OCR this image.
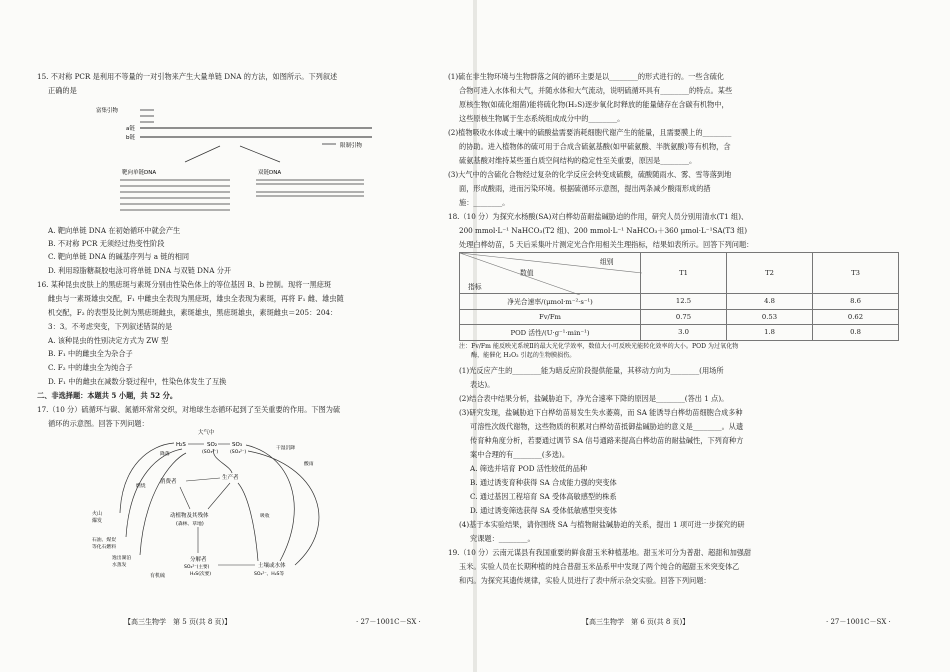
15. 不对称 PCR 是利用不等量的一对引物来产生大量单链 DNA 的方法，如图所示。下列叙述
正确的是
富集引物
a链
b链
限制引物
靶向单链DNA	双链DNA
A. 靶向单链 DNA 在初始循环中就会产生
B. 不对称 PCR 无须经过热变性阶段
C. 靶向单链 DNA 的碱基序列与 a 链的相同
D. 利用琼脂糖凝胶电泳可将单链 DNA 与双链 DNA 分开
16. 某种昆虫皮肤上的黑痣斑与素斑分别由性染色体上的等位基因 B、b 控制。现将一黑痣斑
雌虫与一素斑雄虫交配，F₁ 中雌虫全表现为黑痣斑，雄虫全表现为素斑，再将 F₁ 雌、雄虫随
机交配，F₂ 的表型及比例为黑痣斑雌虫，素斑雄虫，黑痣斑雄虫，素斑雌虫＝205：204：
3：3。不考虑突变，下列叙述错误的是
A. 该种昆虫的性别决定方式为 ZW 型
B. F₁ 中的雌虫全为杂合子
C. F₂ 中的雄虫全为纯合子
D. F₁ 中的雌虫在减数分裂过程中，性染色体发生了互换
二、非选择题：本题共 5 小题，共 52 分。
17.（10 分）硫循环与碳、氮循环常常交织，对地球生态循环起到了至关重要的作用。下图为硫
循环的示意图。回答下列问题：
大气中
H₂S	SO₂
(SO₃²⁻)
SO₃
(SO₄²⁻)
消费者
生产者
动植物及其残体
(森林、草地)
分解者
SO₄²⁻(主要)
H₂S(次要)
土壤或水体
SO₄²⁻、H₂S等
有机硫
火山
爆发
石油、煤炭
等化石燃料
逸出湖泊
水蒸发
降落
燃烧
干湿沉降
吸收
酸雨
【高三生物学　第 5 页(共 8 页)】	· 27－1001C－SX ·
(1)硫在非生物环境与生物群落之间的循环主要是以________的形式进行的。一些含硫化
合物可进入水体和大气，并随水体和大气流动，说明硫循环具有________的特点。某些
原核生物(如硫化细菌)能将硫化物(H₂S)逐步氧化时释放的能量储存在含碳有机物中，
这些原核生物属于生态系统组成成分中的________。
(2)植物吸收水体或土壤中的硫酸盐需要消耗细胞代谢产生的能量，且需要膜上的________
的协助。进入植物体的硫可用于合成含硫氨基酸(如甲硫氨酸、半胱氨酸)等有机物，含
硫氨基酸对维持某些蛋白质空间结构的稳定性至关重要，原因是________。
(3)大气中的含硫化合物经过复杂的化学反应会转变成硫酸，硫酸随雨水、雾、雪等落到地
面，形成酸雨，进而污染环境。根据硫循环示意图，提出两条减少酸雨形成的措
施：________。
18.（10 分）为探究水杨酸(SA)对白桦幼苗耐盐碱胁迫的作用，研究人员分别用清水(T1 组)、
200 mmol·L⁻¹ NaHCO₃(T2 组)、200 mmol·L⁻¹ NaHCO₃＋360 μmol·L⁻¹SA(T3 组)
处理白桦幼苗，5 天后采集叶片测定光合作用相关生理指标，结果如表所示。回答下列问题：
组别
数值
指标	T1	T2	T3
净光合速率/(μmol·m⁻²·s⁻¹)	12.5	4.8	8.6
Fv/Fm	0.75	0.53	0.62
POD 活性/(U·g⁻¹·min⁻¹)	3.0	1.8	0.8
注：Fv/Fm 能反映光系统Ⅱ的最大光化学效率，数值大小可反映光能转化效率的大小。POD 为过氧化物
酶，能催化 H₂O₂ 引起的生物膜损伤。
(1)光反应产生的________能为暗反应阶段提供能量，其移动方向为________(用场所
表达)。
(2)结合表中结果分析，盐碱胁迫下，净光合速率下降的原因是________(答出 1 点)。
(3)研究发现，盐碱胁迫下白桦幼苗易发生失水萎蔫，而 SA 能诱导白桦幼苗细胞合成多种
可溶性次级代谢物，这些物质的积累对白桦幼苗抵御盐碱胁迫的意义是________。从遗
传育种角度分析，若要通过调节 SA 信号通路来提高白桦幼苗的耐盐碱性，下列育种方
案中合理的有________(多选)。
A. 筛选并培育 POD 活性较低的品种
B. 通过诱变育种获得 SA 合成能力强的突变体
C. 通过基因工程培育 SA 受体高敏感型的株系
D. 通过诱变筛选获得 SA 受体低敏感型突变体
(4)基于本实验结果，请你围绕 SA 与植物耐盐碱胁迫的关系，提出 1 项可进一步探究的研
究课题：________。
19.（10 分）云南元谋县有我国重要的鲜食甜玉米种植基地。甜玉米可分为普甜、超甜和加强甜
玉米。实验人员在长期种植的纯合普甜玉米品系甲中发现了两个纯合的超甜玉米突变体乙
和丙。为探究其遗传规律，实验人员进行了表中所示杂交实验。回答下列问题：
【高三生物学　第 6 页(共 8 页)】	· 27－1001C－SX ·
